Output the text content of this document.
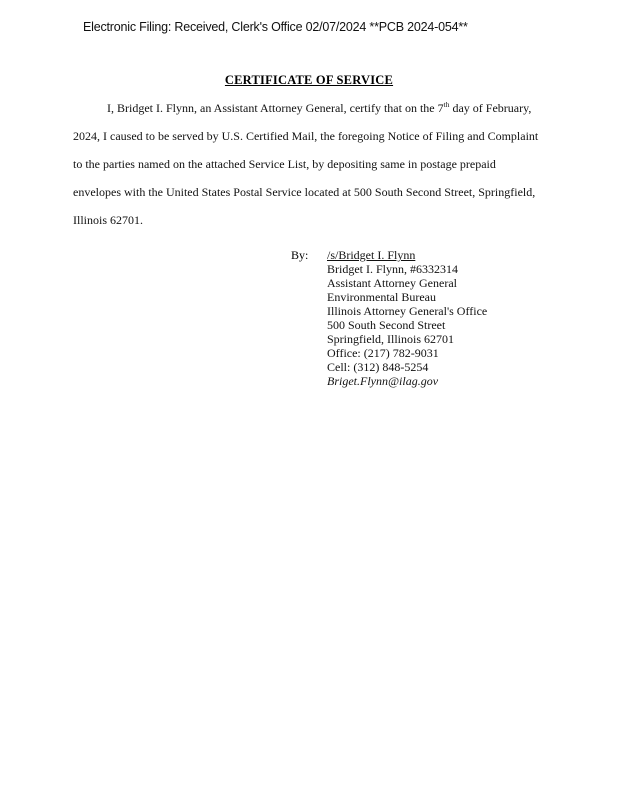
Electronic Filing: Received, Clerk's Office 02/07/2024 **PCB 2024-054**
CERTIFICATE OF SERVICE
I, Bridget I. Flynn, an Assistant Attorney General, certify that on the 7th day of February,
2024, I caused to be served by U.S. Certified Mail, the foregoing Notice of Filing and Complaint
to the parties named on the attached Service List, by depositing same in postage prepaid
envelopes with the United States Postal Service located at 500 South Second Street, Springfield,
Illinois 62701.
By: /s/Bridget I. Flynn
Bridget I. Flynn, #6332314
Assistant Attorney General
Environmental Bureau
Illinois Attorney General's Office
500 South Second Street
Springfield, Illinois 62701
Office: (217) 782-9031
Cell: (312) 848-5254
Briget.Flynn@ilag.gov
